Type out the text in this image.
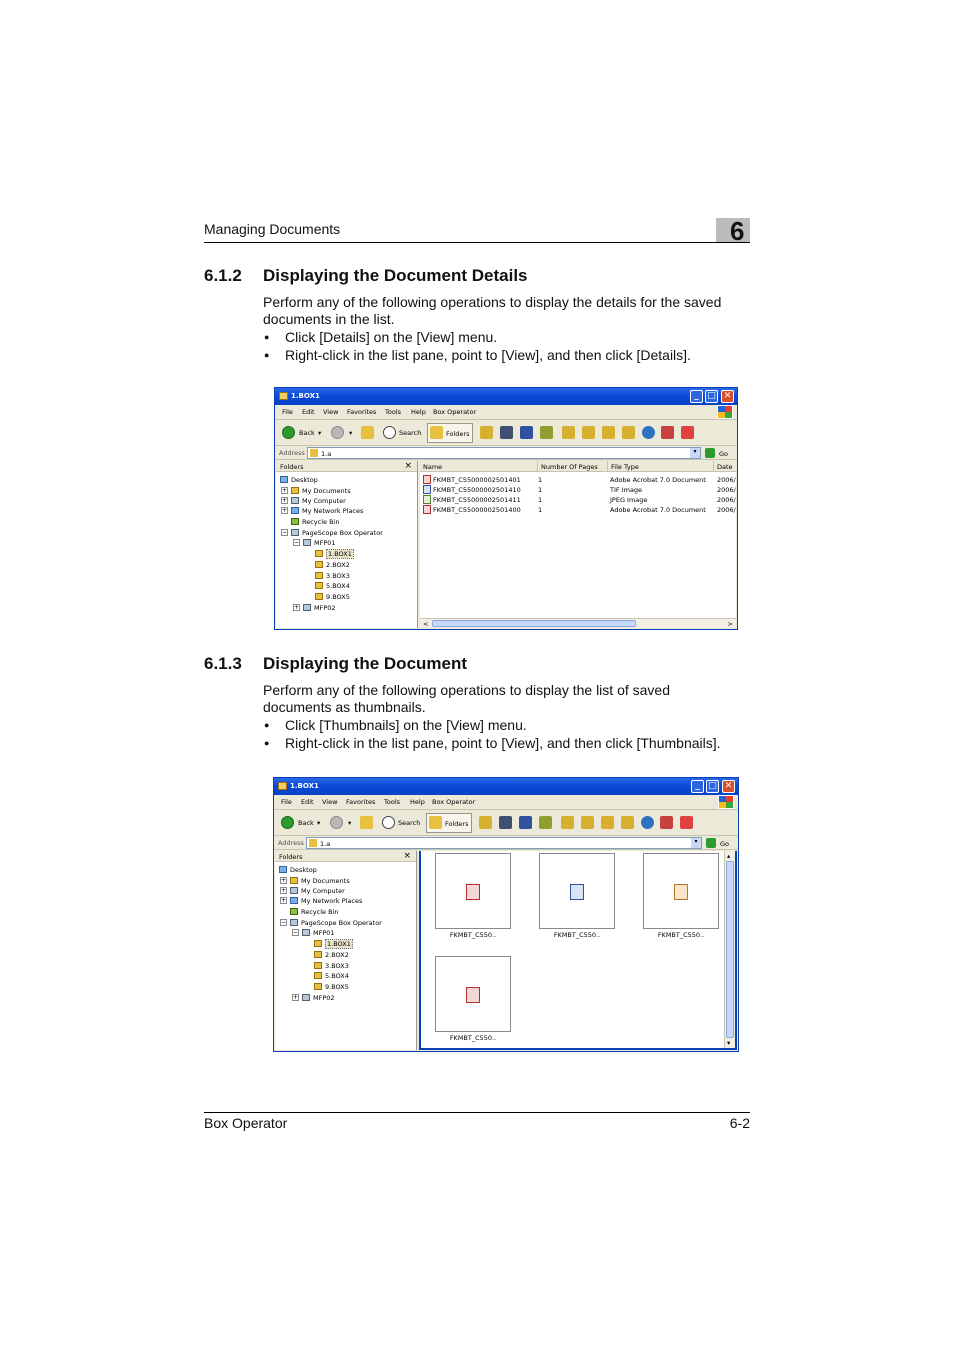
Managing Documents	6
6.1.2 Displaying the Document Details
Perform any of the following operations to display the details for the saved
documents in the list.
● Click [Details] on the [View] menu.
● Right-click in the list pane, point to [View], and then click [Details].
1.BOX1	_ □ ✕
File Edit View Favorites Tools Help Box Operator
Back ▾	▾	Search	Folders
Address 1.a	▾	Go
Folders	×
Desktop
+ My Documents
+ My Computer
+ My Network Places
Recycle Bin
− PageScope Box Operator
− MFP01
1.BOX1
2.BOX2
3.BOX3
5.BOX4
9.BOX5
+ MFP02
Name	Number Of Pages File Type	Date
FKMBT_C55000002501401	1	Adobe Acrobat 7.0 Document 2006/
FKMBT_C55000002501410	1	TIF Image	2006/
FKMBT_C55000002501411	1	JPEG Image	2006/
FKMBT_C55000002501400	1	Adobe Acrobat 7.0 Document 2006/
<	>
6.1.3 Displaying the Document
Perform any of the following operations to display the list of saved
documents as thumbnails.
● Click [Thumbnails] on the [View] menu.
● Right-click in the list pane, point to [View], and then click [Thumbnails].
1.BOX1	_ □ ✕
File Edit View Favorites Tools Help Box Operator
Back ▾	▾	Search	Folders
Address 1.a	▾	Go
Folders	×
Desktop
+ My Documents
+ My Computer
+ My Network Places
Recycle Bin
− PageScope Box Operator
− MFP01
1.BOX1
2.BOX2
3.BOX3
5.BOX4
9.BOX5
+ MFP02
FKMBT_C550..	FKMBT_C550..	FKMBT_C550..
FKMBT_C550..
▴
▾
Box Operator	6-2
